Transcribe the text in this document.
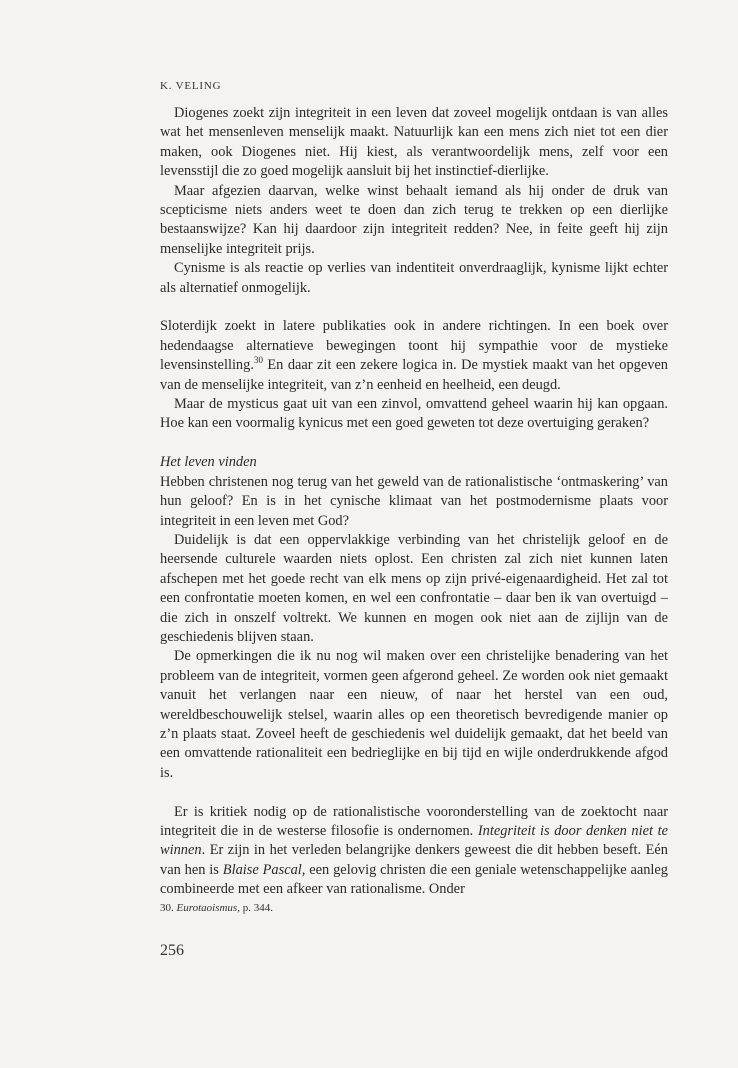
K. VELING

Diogenes zoekt zijn integriteit in een leven dat zoveel mogelijk ontdaan is van alles wat het mensenleven menselijk maakt. Natuurlijk kan een mens zich niet tot een dier maken, ook Diogenes niet. Hij kiest, als verantwoordelijk mens, zelf voor een levensstijl die zo goed mogelijk aansluit bij het instinctief-dierlijke.

Maar afgezien daarvan, welke winst behaalt iemand als hij onder de druk van scepticisme niets anders weet te doen dan zich terug te trekken op een dierlijke bestaanswijze? Kan hij daardoor zijn integriteit redden? Nee, in feite geeft hij zijn menselijke integriteit prijs.

Cynisme is als reactie op verlies van indentiteit onverdraaglijk, kynisme lijkt echter als alternatief onmogelijk.

Sloterdijk zoekt in latere publikaties ook in andere richtingen. In een boek over hedendaagse alternatieve bewegingen toont hij sympathie voor de mystieke levensinstelling.$^{30}$ En daar zit een zekere logica in. De mystiek maakt van het opgeven van de menselijke integriteit, van z’n eenheid en heelheid, een deugd.

Maar de mysticus gaat uit van een zinvol, omvattend geheel waarin hij kan opgaan. Hoe kan een voormalig kynicus met een goed geweten tot deze overtuiging geraken?

Het leven vinden

Hebben christenen nog terug van het geweld van de rationalistische ‘ontmaskering’ van hun geloof? En is in het cynische klimaat van het postmodernisme plaats voor integriteit in een leven met God?

Duidelijk is dat een oppervlakkige verbinding van het christelijk geloof en de heersende culturele waarden niets oplost. Een christen zal zich niet kunnen laten afschepen met het goede recht van elk mens op zijn privé-eigenaardigheid. Het zal tot een confrontatie moeten komen, en wel een confrontatie – daar ben ik van overtuigd – die zich in onszelf voltrekt. We kunnen en mogen ook niet aan de zijlijn van de geschiedenis blijven staan.

De opmerkingen die ik nu nog wil maken over een christelijke benadering van het probleem van de integriteit, vormen geen afgerond geheel. Ze worden ook niet gemaakt vanuit het verlangen naar een nieuw, of naar het herstel van een oud, wereldbeschouwelijk stelsel, waarin alles op een theoretisch bevredigende manier op z’n plaats staat. Zoveel heeft de geschiedenis wel duidelijk gemaakt, dat het beeld van een omvattende rationaliteit een bedrieglijke en bij tijd en wijle onderdrukkende afgod is.

Er is kritiek nodig op de rationalistische vooronderstelling van de zoektocht naar integriteit die in de westerse filosofie is ondernomen. Integriteit is door denken niet te winnen. Er zijn in het verleden belangrijke denkers geweest die dit hebben beseft. Eén van hen is Blaise Pascal, een gelovig christen die een geniale wetenschappelijke aanleg combineerde met een afkeer van rationalisme. Onder

30. Eurotaoismus, p. 344.
256
